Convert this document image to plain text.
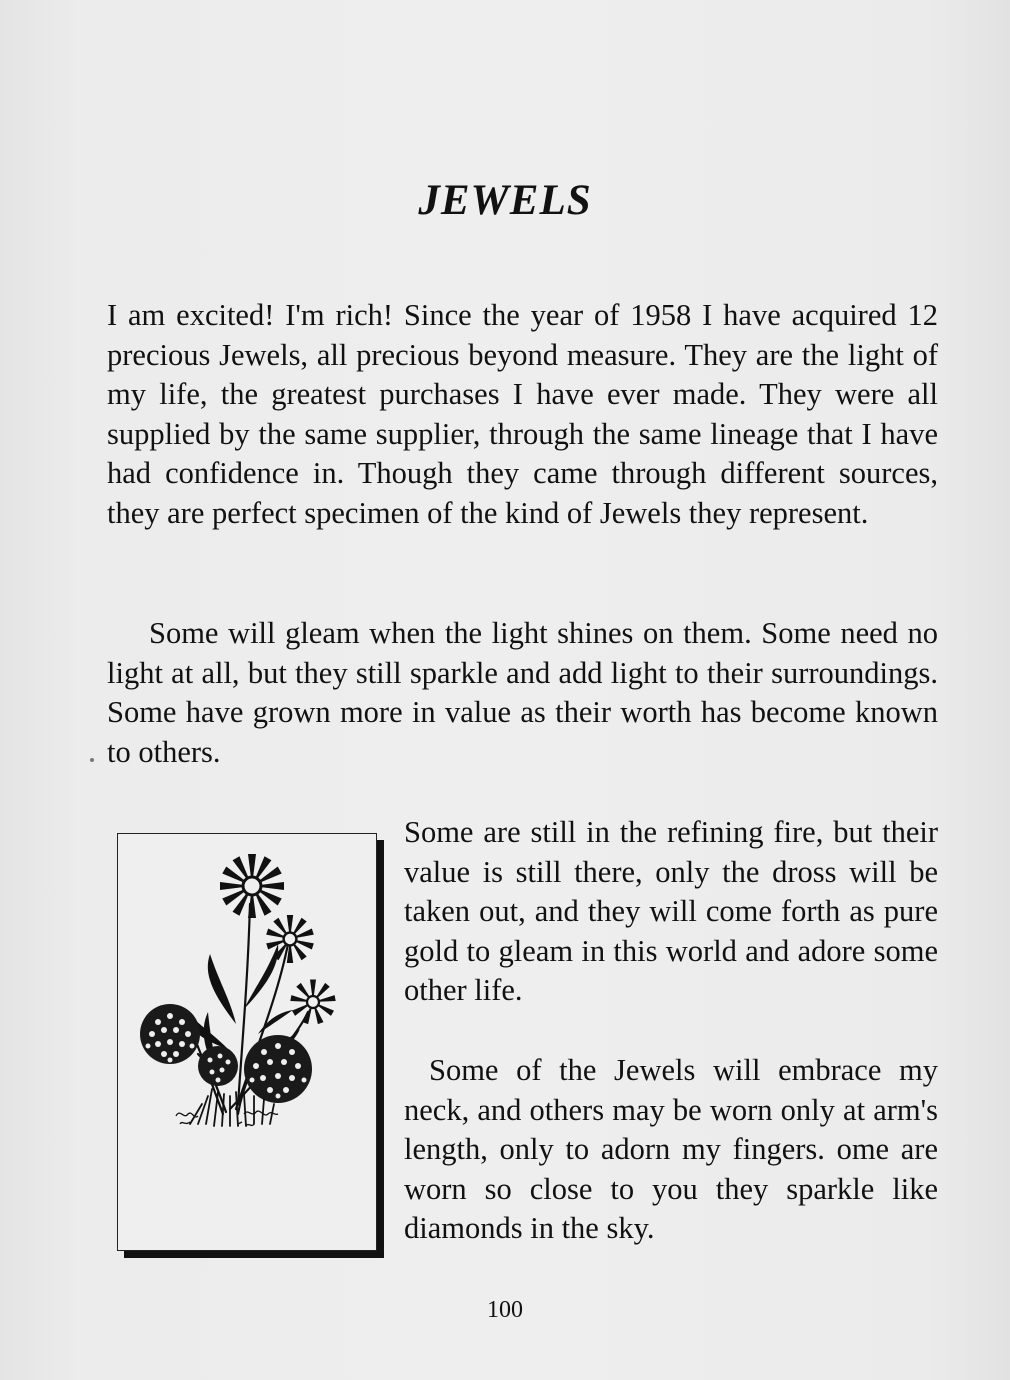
JEWELS

I am excited! I'm rich! Since the year of 1958 I have acquired 12 precious Jewels, all precious beyond measure. They are the light of my life, the greatest purchases I have ever made. They were all supplied by the same supplier, through the same lineage that I have had confidence in. Though they came through different sources, they are perfect specimen of the kind of Jewels they represent.

Some will gleam when the light shines on them. Some need no light at all, but they still sparkle and add light to their surroundings. Some have grown more in value as their worth has become known to others.

Some are still in the refining fire, but their value is still there, only the dross will be taken out, and they will come forth as pure gold to gleam in this world and adore some other life.

Some of the Jewels will embrace my neck, and others may be worn only at arm's length, only to adorn my fingers. ome are worn so close to you they sparkle like diamonds in the sky.

100
